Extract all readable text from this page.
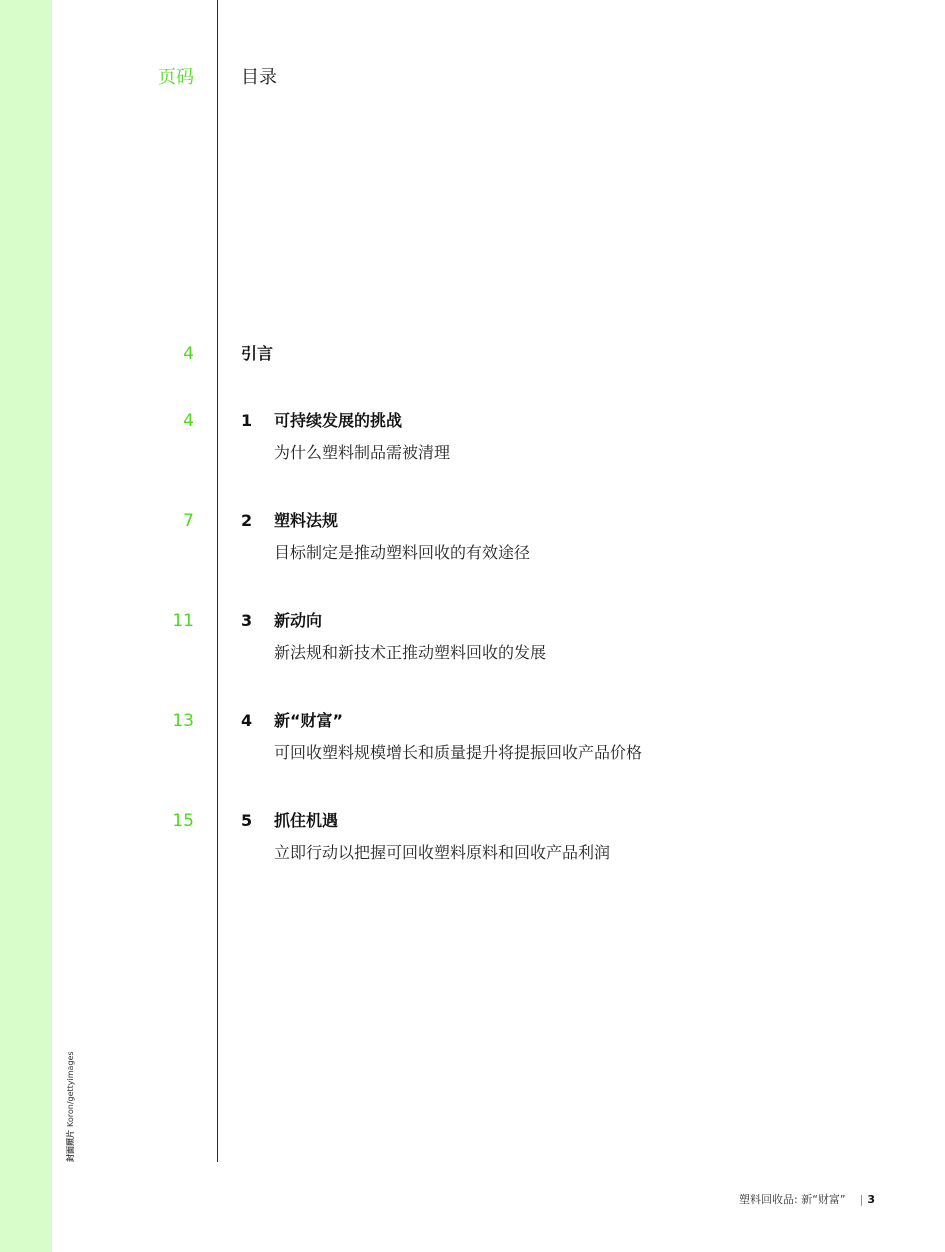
页码	目录
4	引言
4	1 可持续发展的挑战
为什么塑料制品需被清理
7	2 塑料法规
目标制定是推动塑料回收的有效途径
11	3 新动向
新法规和新技术正推动塑料回收的发展
13	4 新“财富”
可回收塑料规模增长和质量提升将提振回收产品价格
15	5 抓住机遇
立即行动以把握可回收塑料原料和回收产品利润
封面照片Koron/gettyimages
塑料回收品: 新“财富” | 3
